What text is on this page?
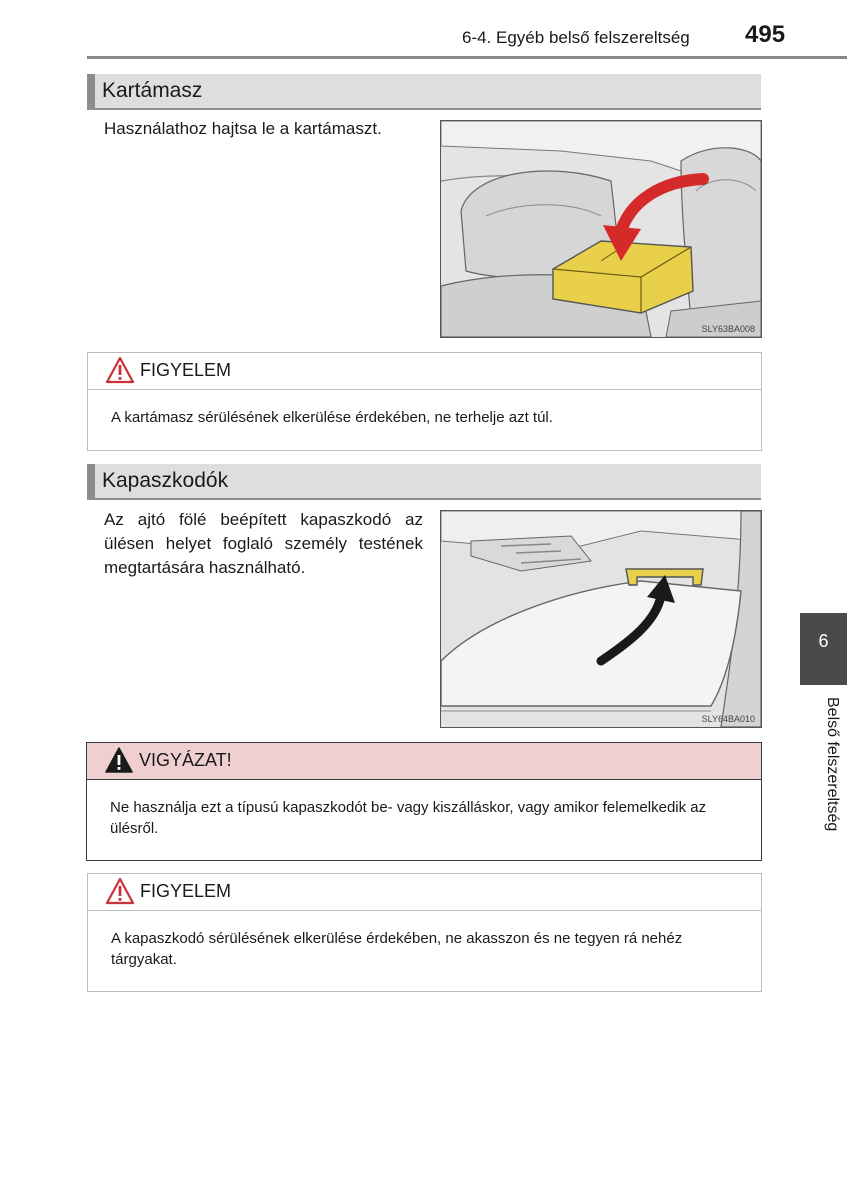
6-4. Egyéb belső felszereltség 495
Kartámasz
Használathoz hajtsa le a kartámaszt.
SLY63BA008
FIGYELEM
A kartámasz sérülésének elkerülése érdekében, ne terhelje azt túl.
Kapaszkodók
Az ajtó fölé beépített kapaszkodó az ülésen helyet foglaló személy testének megtartására használható.
SLY64BA010
VIGYÁZAT!
Ne használja ezt a típusú kapaszkodót be- vagy kiszálláskor, vagy amikor felemelkedik az ülésről.
FIGYELEM
A kapaszkodó sérülésének elkerülése érdekében, ne akasszon és ne tegyen rá nehéz tárgyakat.
6
Belső felszereltség
